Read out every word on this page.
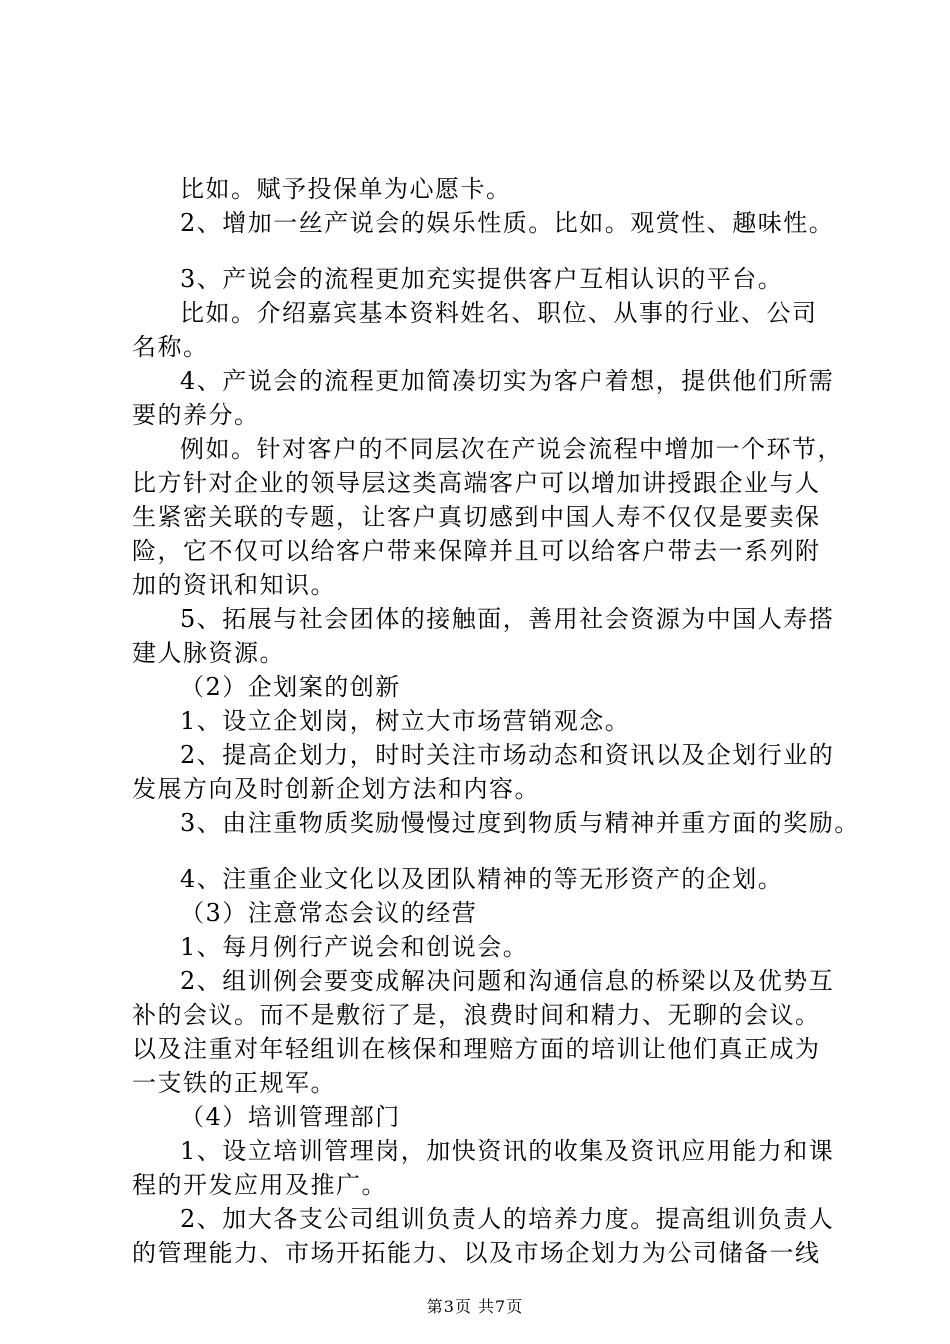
比如。赋予投保单为心愿卡。
2、增加一丝产说会的娱乐性质。比如。观赏性、趣味性。
3、产说会的流程更加充实提供客户互相认识的平台。
比如。介绍嘉宾基本资料姓名、职位、从事的行业、公司
名称。
4、产说会的流程更加简凑切实为客户着想，提供他们所需
要的养分。
例如。针对客户的不同层次在产说会流程中增加一个环节，
比方针对企业的领导层这类高端客户可以增加讲授跟企业与人
生紧密关联的专题，让客户真切感到中国人寿不仅仅是要卖保
险，它不仅可以给客户带来保障并且可以给客户带去一系列附
加的资讯和知识。
5、拓展与社会团体的接触面，善用社会资源为中国人寿搭
建人脉资源。
（2）企划案的创新
1、设立企划岗，树立大市场营销观念。
2、提高企划力，时时关注市场动态和资讯以及企划行业的
发展方向及时创新企划方法和内容。
3、由注重物质奖励慢慢过度到物质与精神并重方面的奖励。
4、注重企业文化以及团队精神的等无形资产的企划。
（3）注意常态会议的经营
1、每月例行产说会和创说会。
2、组训例会要变成解决问题和沟通信息的桥梁以及优势互
补的会议。而不是敷衍了是，浪费时间和精力、无聊的会议。
以及注重对年轻组训在核保和理赔方面的培训让他们真正成为
一支铁的正规军。
（4）培训管理部门
1、设立培训管理岗，加快资讯的收集及资讯应用能力和课
程的开发应用及推广。
2、加大各支公司组训负责人的培养力度。提高组训负责人
的管理能力、市场开拓能力、以及市场企划力为公司储备一线
第3页 共7页
